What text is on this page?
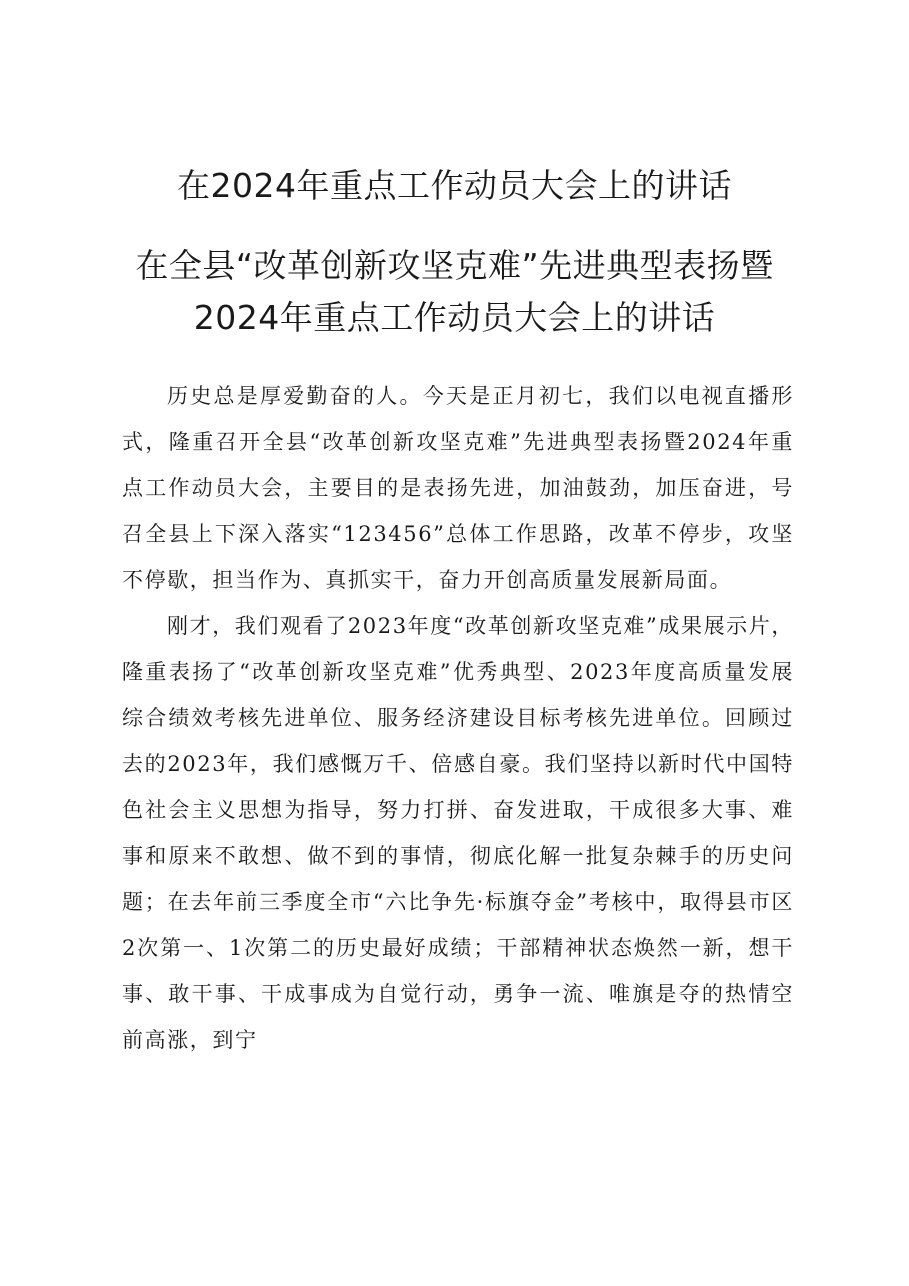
在2024年重点工作动员大会上的讲话
在全县“改革创新攻坚克难”先进典型表扬暨
2024年重点工作动员大会上的讲话

历史总是厚爱勤奋的人。今天是正月初七，我们以电视直播形式，隆重召开全县“改革创新攻坚克难”先进典型表扬暨2024年重点工作动员大会，主要目的是表扬先进，加油鼓劲，加压奋进，号召全县上下深入落实“123456”总体工作思路，改革不停步，攻坚不停歇，担当作为、真抓实干，奋力开创高质量发展新局面。

刚才，我们观看了2023年度“改革创新攻坚克难”成果展示片，隆重表扬了“改革创新攻坚克难”优秀典型、2023年度高质量发展综合绩效考核先进单位、服务经济建设目标考核先进单位。回顾过去的2023年，我们感慨万千、倍感自豪。我们坚持以新时代中国特色社会主义思想为指导，努力打拼、奋发进取，干成很多大事、难事和原来不敢想、做不到的事情，彻底化解一批复杂棘手的历史问题；在去年前三季度全市“六比争先·标旗夺金”考核中，取得县市区2次第一、1次第二的历史最好成绩；干部精神状态焕然一新，想干事、敢干事、干成事成为自觉行动，勇争一流、唯旗是夺的热情空前高涨，到宁
